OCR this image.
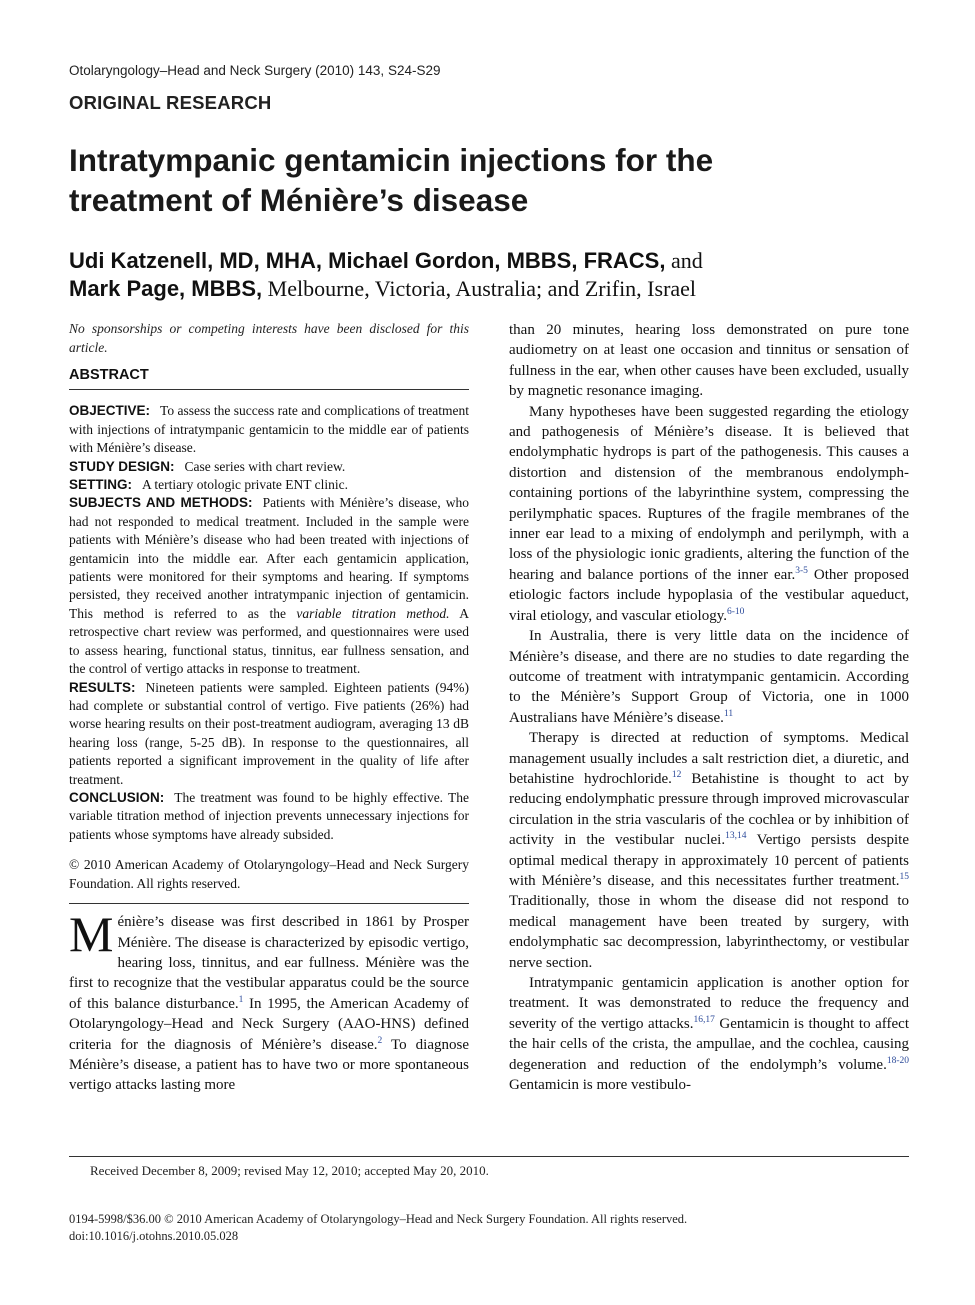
Otolaryngology–Head and Neck Surgery (2010) 143, S24-S29
ORIGINAL RESEARCH
Intratympanic gentamicin injections for the
treatment of Ménière’s disease

Udi Katzenell, MD, MHA, Michael Gordon, MBBS, FRACS, and
Mark Page, MBBS, Melbourne, Victoria, Australia; and Zrifin, Israel

No sponsorships or competing interests have been disclosed for this article.

ABSTRACT

OBJECTIVE: To assess the success rate and complications of treatment with injections of intratympanic gentamicin to the middle ear of patients with Ménière’s disease.

STUDY DESIGN: Case series with chart review.

SETTING: A tertiary otologic private ENT clinic.

SUBJECTS AND METHODS: Patients with Ménière’s disease, who had not responded to medical treatment. Included in the sample were patients with Ménière’s disease who had been treated with injections of gentamicin into the middle ear. After each gentamicin application, patients were monitored for their symptoms and hearing. If symptoms persisted, they received another intratympanic injection of gentamicin. This method is referred to as the variable titration method. A retrospective chart review was performed, and questionnaires were used to assess hearing, functional status, tinnitus, ear fullness sensation, and the control of vertigo attacks in response to treatment.

RESULTS: Nineteen patients were sampled. Eighteen patients (94%) had complete or substantial control of vertigo. Five patients (26%) had worse hearing results on their post-treatment audiogram, averaging 13 dB hearing loss (range, 5-25 dB). In response to the questionnaires, all patients reported a significant improvement in the quality of life after treatment.

CONCLUSION: The treatment was found to be highly effective. The variable titration method of injection prevents unnecessary injections for patients whose symptoms have already subsided.

© 2010 American Academy of Otolaryngology–Head and Neck Surgery Foundation. All rights reserved.

Ménière’s disease was first described in 1861 by Prosper Ménière. The disease is characterized by episodic vertigo, hearing loss, tinnitus, and ear fullness. Ménière was the first to recognize that the vestibular apparatus could be the source of this balance disturbance.$^1$ In 1995, the American Academy of Otolaryngology–Head and Neck Surgery (AAO-HNS) defined criteria for the diagnosis of Ménière’s disease.$^2$ To diagnose Ménière’s disease, a patient has to have two or more spontaneous vertigo attacks lasting more

than 20 minutes, hearing loss demonstrated on pure tone audiometry on at least one occasion and tinnitus or sensation of fullness in the ear, when other causes have been excluded, usually by magnetic resonance imaging.

Many hypotheses have been suggested regarding the etiology and pathogenesis of Ménière’s disease. It is believed that endolymphatic hydrops is part of the pathogenesis. This causes a distortion and distension of the membranous endolymph-containing portions of the labyrinthine system, compressing the perilymphatic spaces. Ruptures of the fragile membranes of the inner ear lead to a mixing of endolymph and perilymph, with a loss of the physiologic ionic gradients, altering the function of the hearing and balance portions of the inner ear.$^{3-5}$ Other proposed etiologic factors include hypoplasia of the vestibular aqueduct, viral etiology, and vascular etiology.$^{6-10}$

In Australia, there is very little data on the incidence of Ménière’s disease, and there are no studies to date regarding the outcome of treatment with intratympanic gentamicin. According to the Ménière’s Support Group of Victoria, one in 1000 Australians have Ménière’s disease.$^{11}$

Therapy is directed at reduction of symptoms. Medical management usually includes a salt restriction diet, a diuretic, and betahistine hydrochloride.$^{12}$ Betahistine is thought to act by reducing endolymphatic pressure through improved microvascular circulation in the stria vascularis of the cochlea or by inhibition of activity in the vestibular nuclei.$^{13,14}$ Vertigo persists despite optimal medical therapy in approximately 10 percent of patients with Ménière’s disease, and this necessitates further treatment.$^{15}$ Traditionally, those in whom the disease did not respond to medical management have been treated by surgery, with endolymphatic sac decompression, labyrinthectomy, or vestibular nerve section.

Intratympanic gentamicin application is another option for treatment. It was demonstrated to reduce the frequency and severity of the vertigo attacks.$^{16,17}$ Gentamicin is thought to affect the hair cells of the crista, the ampullae, and the cochlea, causing degeneration and reduction of the endolymph’s volume.$^{18-20}$ Gentamicin is more vestibulo-

Received December 8, 2009; revised May 12, 2010; accepted May 20, 2010.
0194-5998/$36.00 © 2010 American Academy of Otolaryngology–Head and Neck Surgery Foundation. All rights reserved.
doi:10.1016/j.otohns.2010.05.028
